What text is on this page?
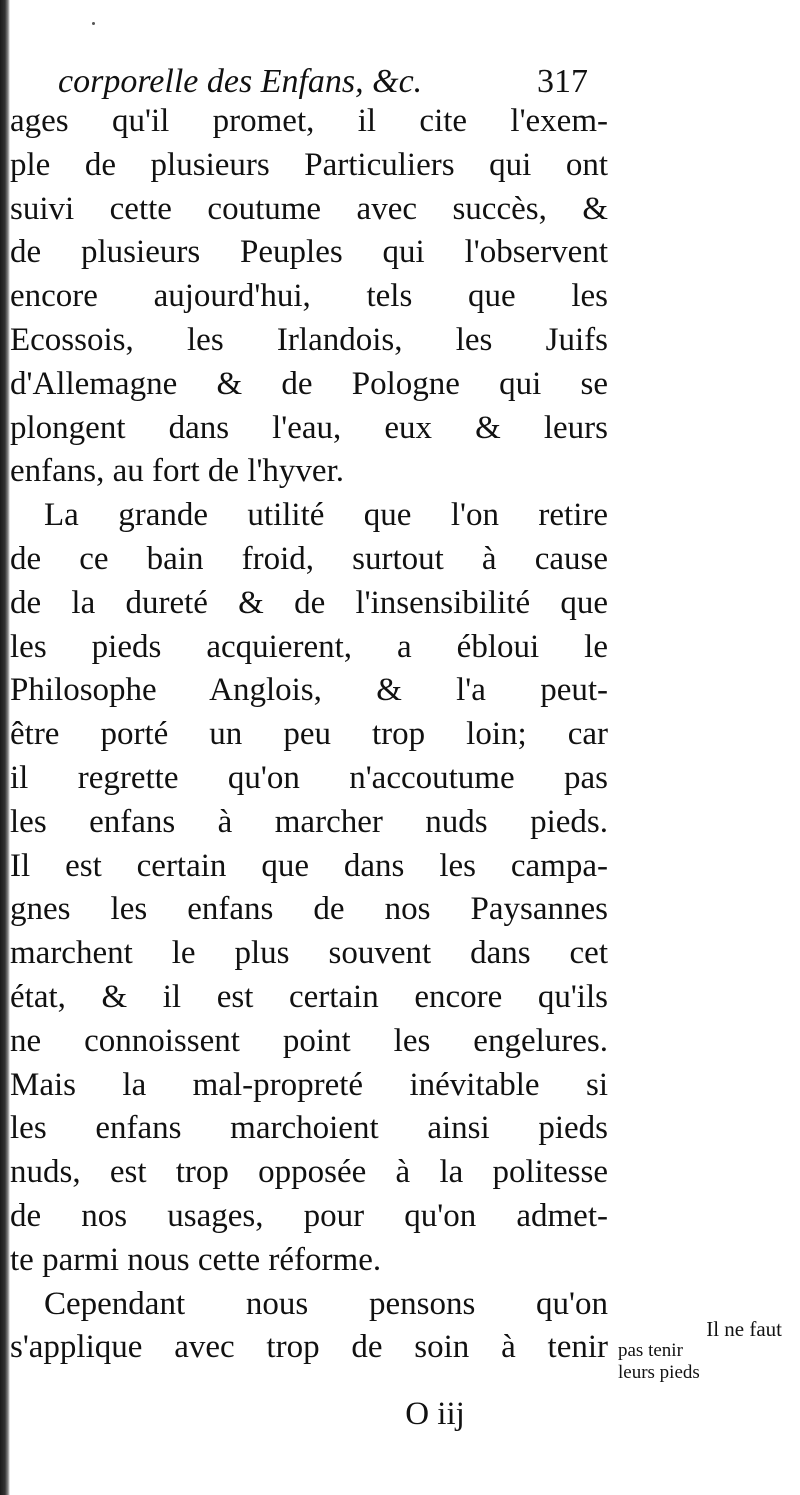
corporelle des Enfans, &c.	317
ages qu'il promet, il cite l'exem-
ple de plusieurs Particuliers qui ont
suivi cette coutume avec succès, &
de plusieurs Peuples qui l'observent
encore aujourd'hui, tels que les
Ecossois, les Irlandois, les Juifs
d'Allemagne & de Pologne qui se
plongent dans l'eau, eux & leurs
enfans, au fort de l'hyver.
La grande utilité que l'on retire
de ce bain froid, surtout à cause
de la dureté & de l'insensibilité que
les pieds acquierent, a ébloui le
Philosophe Anglois, & l'a peut-
être porté un peu trop loin; car
il regrette qu'on n'accoutume pas
les enfans à marcher nuds pieds.
Il est certain que dans les campa-
gnes les enfans de nos Paysannes
marchent le plus souvent dans cet
état, & il est certain encore qu'ils
ne connoissent point les engelures.
Mais la mal-propreté inévitable si
les enfans marchoient ainsi pieds
nuds, est trop opposée à la politesse
de nos usages, pour qu'on admet-
te parmi nous cette réforme.
Cependant nous pensons qu'on
s'applique avec trop de soin à tenir
Il ne faut
pas tenir
leurs pieds
O iij
